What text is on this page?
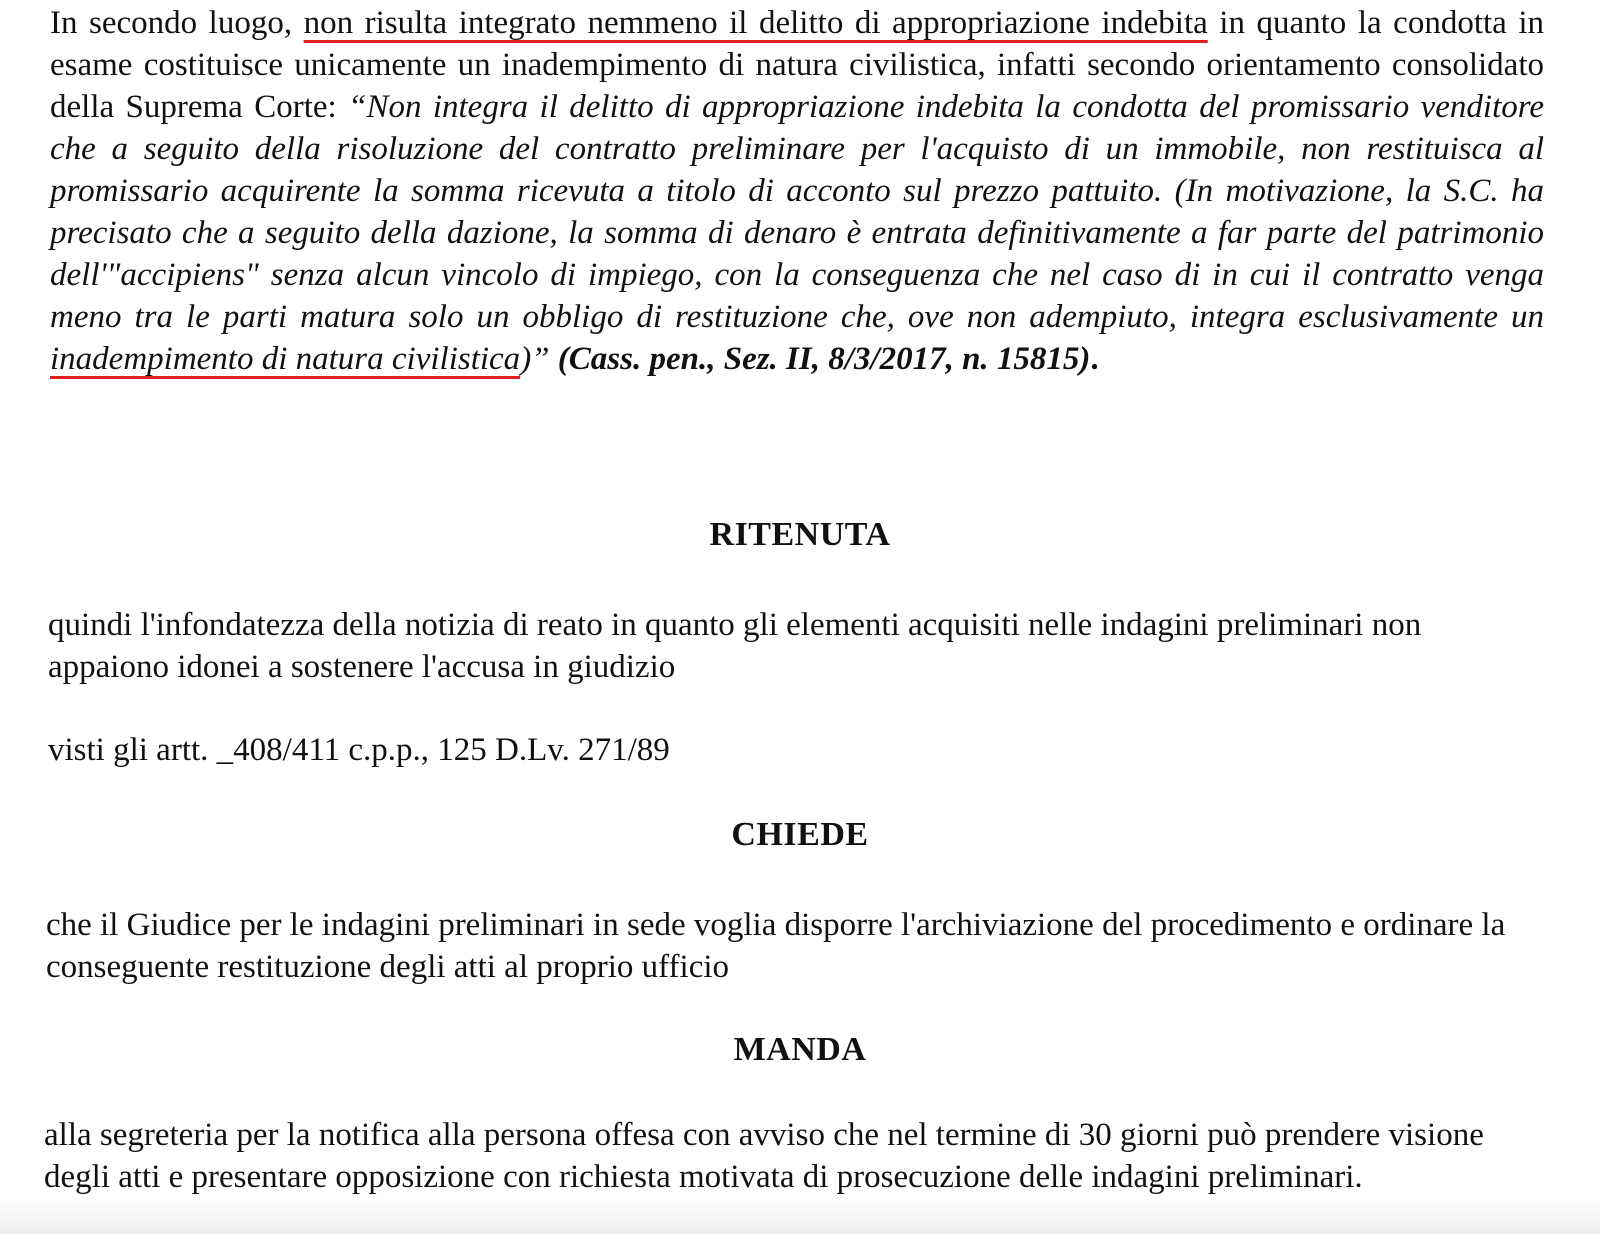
In secondo luogo, non risulta integrato nemmeno il delitto di appropriazione indebita in quanto la condotta in esame costituisce unicamente un inadempimento di natura civilistica, infatti secondo orientamento consolidato della Suprema Corte: “Non integra il delitto di appropriazione indebita la condotta del promissario venditore che a seguito della risoluzione del contratto preliminare per l'acquisto di un immobile, non restituisca al promissario acquirente la somma ricevuta a titolo di acconto sul prezzo pattuito. (In motivazione, la S.C. ha precisato che a seguito della dazione, la somma di denaro è entrata definitivamente a far parte del patrimonio dell'"accipiens" senza alcun vincolo di impiego, con la conseguenza che nel caso di in cui il contratto venga meno tra le parti matura solo un obbligo di restituzione che, ove non adempiuto, integra esclusivamente un inadempimento di natura civilistica)” (Cass. pen., Sez. II, 8/3/2017, n. 15815).
RITENUTA
quindi l'infondatezza della notizia di reato in quanto gli elementi acquisiti nelle indagini preliminari non appaiono idonei a sostenere l'accusa in giudizio
visti gli artt. _408/411 c.p.p., 125 D.Lv. 271/89
CHIEDE
che il Giudice per le indagini preliminari in sede voglia disporre l'archiviazione del procedimento e ordinare la conseguente restituzione degli atti al proprio ufficio
MANDA
alla segreteria per la notifica alla persona offesa con avviso che nel termine di 30 giorni può prendere visione degli atti e presentare opposizione con richiesta motivata di prosecuzione delle indagini preliminari.
